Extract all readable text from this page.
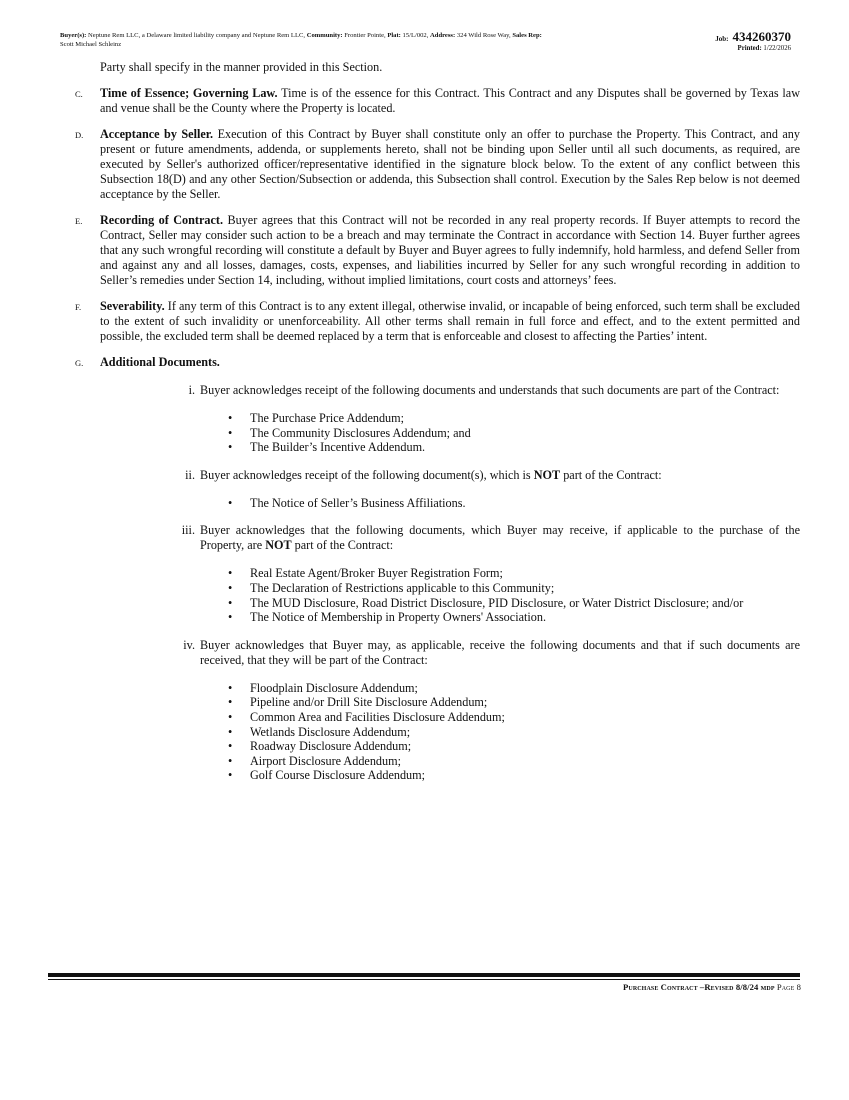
Buyer(s): Neptune Rem LLC, a Delaware limited liability company and Neptune Rem LLC, Community: Frontier Pointe, Plat: 15/L/002, Address: 324 Wild Rose Way, Sales Rep:
Scott Michael Schleinz
Job: 434260370
Printed: 1/22/2026
Party shall specify in the manner provided in this Section.
C. Time of Essence; Governing Law. Time is of the essence for this Contract. This Contract and any Disputes shall be governed by Texas law and venue shall be the County where the Property is located.
D. Acceptance by Seller. Execution of this Contract by Buyer shall constitute only an offer to purchase the Property. This Contract, and any present or future amendments, addenda, or supplements hereto, shall not be binding upon Seller until all such documents, as required, are executed by Seller's authorized officer/representative identified in the signature block below. To the extent of any conflict between this Subsection 18(D) and any other Section/Subsection or addenda, this Subsection shall control. Execution by the Sales Rep below is not deemed acceptance by the Seller.
E. Recording of Contract. Buyer agrees that this Contract will not be recorded in any real property records. If Buyer attempts to record the Contract, Seller may consider such action to be a breach and may terminate the Contract in accordance with Section 14. Buyer further agrees that any such wrongful recording will constitute a default by Buyer and Buyer agrees to fully indemnify, hold harmless, and defend Seller from and against any and all losses, damages, costs, expenses, and liabilities incurred by Seller for any such wrongful recording in addition to Seller’s remedies under Section 14, including, without implied limitations, court costs and attorneys’ fees.
F. Severability. If any term of this Contract is to any extent illegal, otherwise invalid, or incapable of being enforced, such term shall be excluded to the extent of such invalidity or unenforceability. All other terms shall remain in full force and effect, and to the extent permitted and possible, the excluded term shall be deemed replaced by a term that is enforceable and closest to affecting the Parties’ intent.
G. Additional Documents.
i. Buyer acknowledges receipt of the following documents and understands that such documents are part of the Contract:
• The Purchase Price Addendum;
• The Community Disclosures Addendum; and
• The Builder’s Incentive Addendum.
ii. Buyer acknowledges receipt of the following document(s), which is NOT part of the Contract:
• The Notice of Seller’s Business Affiliations.
iii. Buyer acknowledges that the following documents, which Buyer may receive, if applicable to the purchase of the Property, are NOT part of the Contract:
• Real Estate Agent/Broker Buyer Registration Form;
• The Declaration of Restrictions applicable to this Community;
• The MUD Disclosure, Road District Disclosure, PID Disclosure, or Water District Disclosure; and/or
• The Notice of Membership in Property Owners' Association.
iv. Buyer acknowledges that Buyer may, as applicable, receive the following documents and that if such documents are received, that they will be part of the Contract:
• Floodplain Disclosure Addendum;
• Pipeline and/or Drill Site Disclosure Addendum;
• Common Area and Facilities Disclosure Addendum;
• Wetlands Disclosure Addendum;
• Roadway Disclosure Addendum;
• Airport Disclosure Addendum;
• Golf Course Disclosure Addendum;
Purchase Contract –Revised 8/8/24 mdp Page 8
